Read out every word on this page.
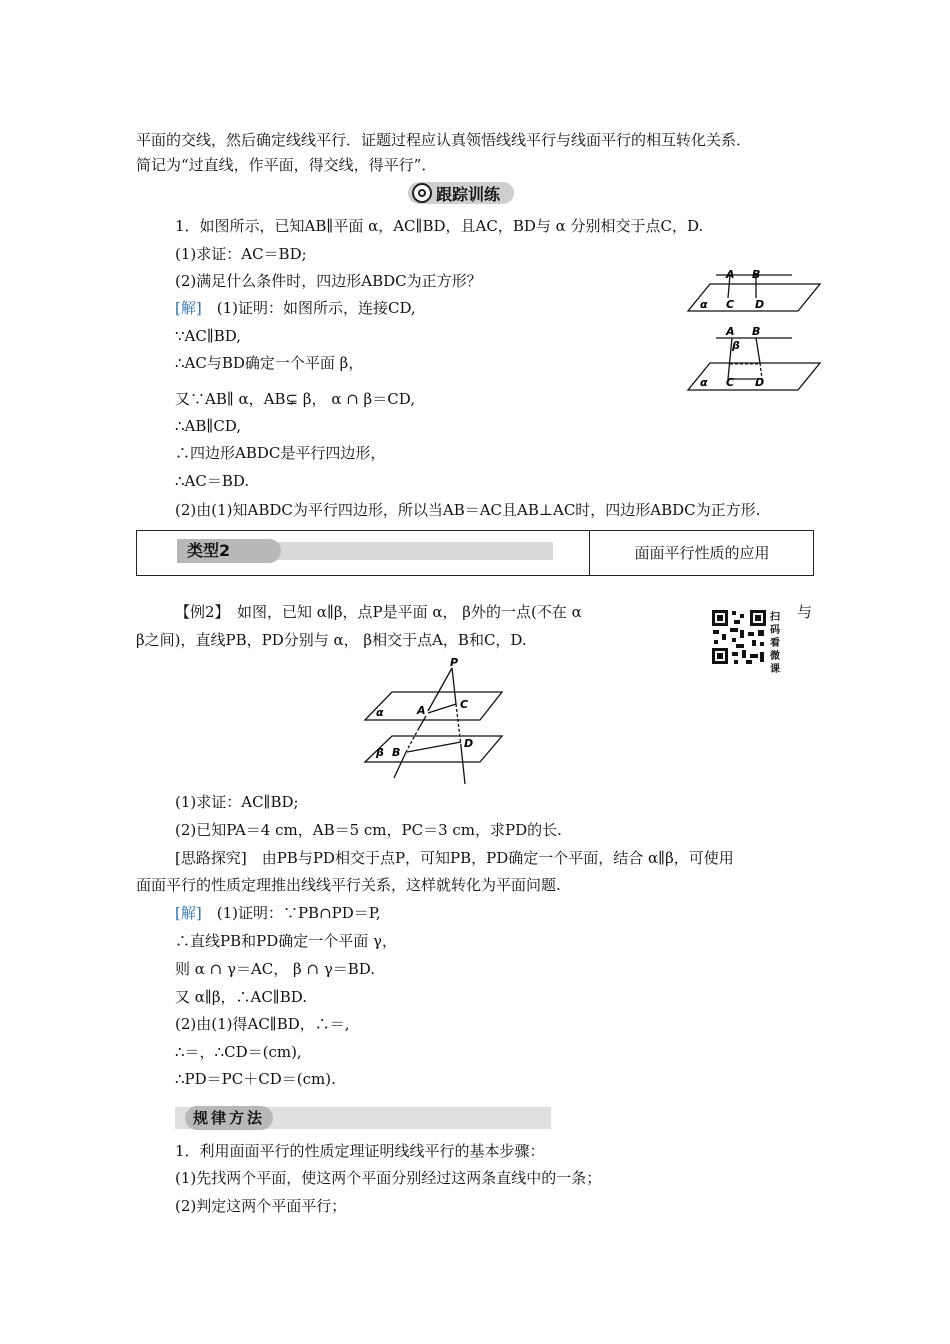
平面的交线，然后确定线线平行．证题过程应认真领悟线线平行与线面平行的相互转化关系．
简记为“过直线，作平面，得交线，得平行”．
跟踪训练
1．如图所示，已知AB∥平面 α，AC∥BD，且AC，BD与 α 分别相交于点C，D.
(1)求证：AC＝BD;
(2)满足什么条件时，四边形ABDC为正方形？
[解]　(1)证明：如图所示，连接CD,
∵AC∥BD,
∴AC与BD确定一个平面 β，
又∵AB∥ α，AB⊊ β， α ∩ β＝CD,
∴AB∥CD,
∴四边形ABDC是平行四边形，
∴AC＝BD.
(2)由(1)知ABDC为平行四边形，所以当AB＝AC且AB⊥AC时，四边形ABDC为正方形.
A B
C D
α
A B
β
C D
α
类型2	面面平行性质的应用
【例2】　如图，已知 α∥β，点P是平面 α， β外的一点(不在 α	与
β之间)，直线PB，PD分别与 α， β相交于点A，B和C，D.
扫码看微课
P
A	C
B
D
α
β
(1)求证：AC∥BD;
(2)已知PA＝4 cm，AB＝5 cm，PC＝3 cm，求PD的长.
[思路探究]　由PB与PD相交于点P，可知PB，PD确定一个平面，结合 α∥β，可使用
面面平行的性质定理推出线线平行关系，这样就转化为平面问题.
[解]　(1)证明：∵PB∩PD＝P,
∴直线PB和PD确定一个平面 γ，
则 α ∩ γ＝AC， β ∩ γ＝BD.
又 α∥β，∴AC∥BD.
(2)由(1)得AC∥BD，∴＝,
∴＝，∴CD＝(cm),
∴PD＝PC＋CD＝(cm).
规律方法
1．利用面面平行的性质定理证明线线平行的基本步骤：
(1)先找两个平面，使这两个平面分别经过这两条直线中的一条；
(2)判定这两个平面平行；
